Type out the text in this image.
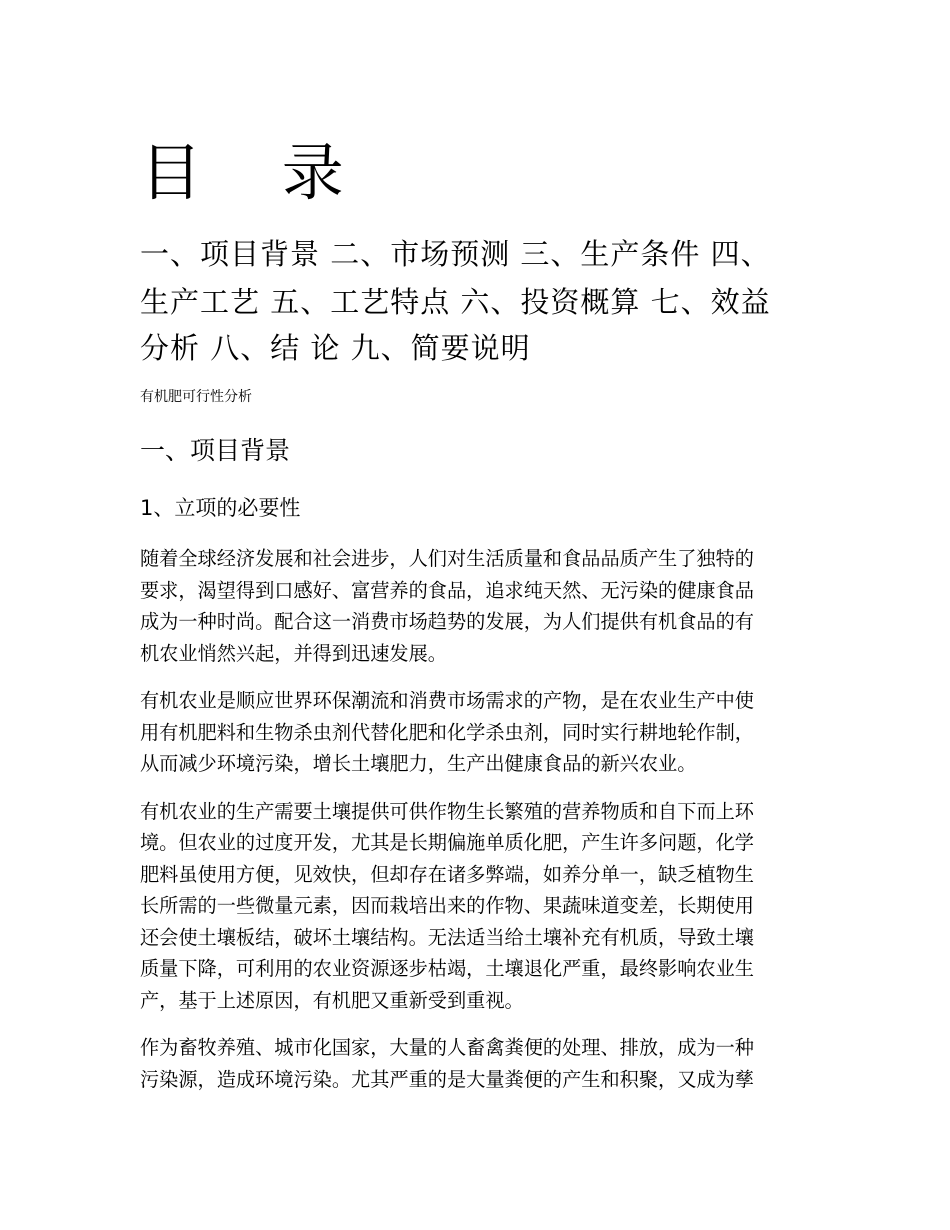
目 录

一、项目背景 二、市场预测 三、生产条件 四、

生产工艺 五、工艺特点 六、投资概算 七、效益

分析 八、结 论 九、简要说明

有机肥可行性分析

一、项目背景
1、立项的必要性

随着全球经济发展和社会进步，人们对生活质量和食品品质产生了独特的

要求，渴望得到口感好、富营养的食品，追求纯天然、无污染的健康食品

成为一种时尚。配合这一消费市场趋势的发展，为人们提供有机食品的有

机农业悄然兴起，并得到迅速发展。

有机农业是顺应世界环保潮流和消费市场需求的产物，是在农业生产中使

用有机肥料和生物杀虫剂代替化肥和化学杀虫剂，同时实行耕地轮作制，

从而减少环境污染，增长土壤肥力，生产出健康食品的新兴农业。

有机农业的生产需要土壤提供可供作物生长繁殖的营养物质和自下而上环

境。但农业的过度开发，尤其是长期偏施单质化肥，产生许多问题，化学

肥料虽使用方便，见效快，但却存在诸多弊端，如养分单一，缺乏植物生

长所需的一些微量元素，因而栽培出来的作物、果蔬味道变差，长期使用

还会使土壤板结，破坏土壤结构。无法适当给土壤补充有机质，导致土壤

质量下降，可利用的农业资源逐步枯竭，土壤退化严重，最终影响农业生

产，基于上述原因，有机肥又重新受到重视。

作为畜牧养殖、城市化国家，大量的人畜禽粪便的处理、排放，成为一种

污染源，造成环境污染。尤其严重的是大量粪便的产生和积聚，又成为孳
